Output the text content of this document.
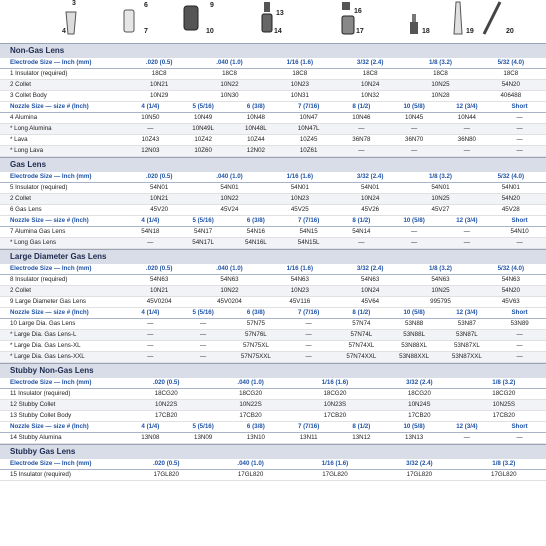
3
4
6
7
9
10
13
14
16
17	18	19	20
Non-Gas Lens
Electrode Size — Inch (mm)	.020 (0.5)	.040 (1.0)	1/16 (1.6)	3/32 (2.4)	1/8 (3.2)	5/32 (4.0)
1 Insulator (required)	18C8	18C8	18C8	18C8	18C8	18C8
2 Collet	10N21	10N22	10N23	10N24	10N25	54N20
3 Collet Body	10N29	10N30	10N31	10N32	10N28	406488
Nozzle Size — size # (Inch)	4 (1/4)	5 (5/16)	6 (3/8)	7 (7/16)	8 (1/2)	10 (5/8)	12 (3/4)	Short
4 Alumina	10N50	10N49	10N48	10N47	10N46	10N45	10N44	—
* Long Alumina	—	10N49L	10N48L	10N47L	—	—	—	—
* Lava	10Z43	10Z42	10Z44	10Z45	36N78	36N70	36N80	—
* Long Lava	12N03	10Z60	12N02	10Z61	—	—	—	—
Gas Lens
Electrode Size — Inch (mm)	.020 (0.5)	.040 (1.0)	1/16 (1.6)	3/32 (2.4)	1/8 (3.2)	5/32 (4.0)
5 Insulator (required)	54N01	54N01	54N01	54N01	54N01	54N01
2 Collet	10N21	10N22	10N23	10N24	10N25	54N20
6 Gas Lens	45V20	45V24	45V25	45V26	45V27	45V28
Nozzle Size — size # (Inch)	4 (1/4)	5 (5/16)	6 (3/8)	7 (7/16)	8 (1/2)	10 (5/8)	12 (3/4)	Short
7 Alumina Gas Lens	54N18	54N17	54N16	54N15	54N14	—	—	54N10
* Long Gas Lens	—	54N17L	54N16L	54N15L	—	—	—	—
Large Diameter Gas Lens
Electrode Size — Inch (mm)	.020 (0.5)	.040 (1.0)	1/16 (1.6)	3/32 (2.4)	1/8 (3.2)	5/32 (4.0)
8 Insulator (required)	54N63	54N63	54N63	54N63	54N63	54N63
2 Collet	10N21	10N22	10N23	10N24	10N25	54N20
9 Large Diameter Gas Lens	45V0204	45V0204	45V116	45V64	995795	45V63
Nozzle Size — size # (Inch)	4 (1/4)	5 (5/16)	6 (3/8)	7 (7/16)	8 (1/2)	10 (5/8)	12 (3/4)	Short
10 Large Dia. Gas Lens	—	—	57N75	—	57N74	53N88	53N87	53N89
* Large Dia. Gas Lens-L	—	—	57N76L	—	57N74L	53N88L	53N87L	—
* Large Dia. Gas Lens-XL	—	—	57N75XL	—	57N74XL	53N88XL	53N87XL	—
* Large Dia. Gas Lens-XXL	—	—	57N75XXL	—	57N74XXL	53N88XXL	53N87XXL	—
Stubby Non-Gas Lens
Electrode Size — Inch (mm)	.020 (0.5)	.040 (1.0)	1/16 (1.6)	3/32 (2.4)	1/8 (3.2)
11 Insulator (required)	18CG20	18CG20	18CG20	18CG20	18CG20
12 Stubby Collet	10N22S	10N22S	10N23S	10N24S	10N25S
13 Stubby Collet Body	17CB20	17CB20	17CB20	17CB20	17CB20
Nozzle Size — size # (Inch)	4 (1/4)	5 (5/16)	6 (3/8)	7 (7/16)	8 (1/2)	10 (5/8)	12 (3/4)	Short
14 Stubby Alumina	13N08	13N09	13N10	13N11	13N12	13N13	—	—
Stubby Gas Lens
Electrode Size — Inch (mm)	.020 (0.5)	.040 (1.0)	1/16 (1.6)	3/32 (2.4)	1/8 (3.2)
15 Insulator (required)	17GL820	17GL820	17GL820	17GL820	17GL820
